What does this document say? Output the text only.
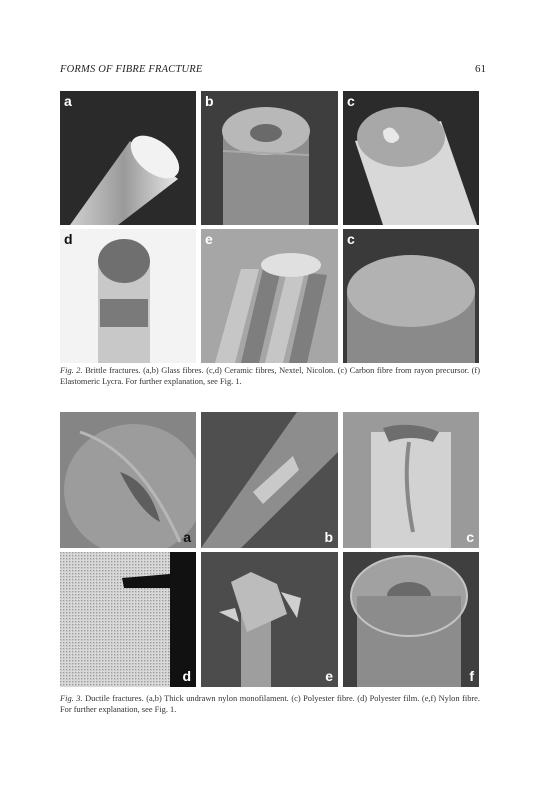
FORMS OF FIBRE FRACTURE	61
a	b	c
d	e	c
Fig. 2. Brittle fractures. (a,b) Glass fibres. (c,d) Ceramic fibres, Nextel, Nicolon. (c) Carbon fibre from rayon precursor. (f) Elastomeric Lycra. For further explanation, see Fig. 1.
a	b	c
d	e	f
Fig. 3. Ductile fractures. (a,b) Thick undrawn nylon monofilament. (c) Polyester fibre. (d) Polyester film. (e,f) Nylon fibre. For further explanation, see Fig. 1.
